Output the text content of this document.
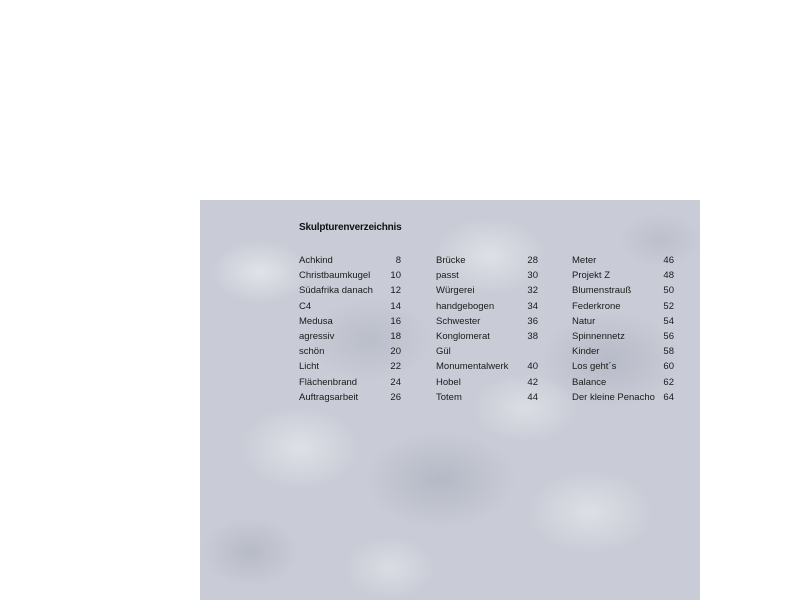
Skulpturenverzeichnis
Achkind	8
Christbaumkugel 10
Südafrika danach 12
C4	14
Medusa	16
agressiv	18
schön	20
Licht	22
Flächenbrand	24
Auftragsarbeit	26
Brücke	28
passt	30
Würgerei	32
handgebogen	34
Schwester	36
Konglomerat	38
Gül
Monumentalwerk 40
Hobel	42
Totem	44
Meter	46
Projekt Z	48
Blumenstrauß	50
Federkrone	52
Natur	54
Spinnennetz	56
Kinder	58
Los geht´s	60
Balance	62
Der kleine Penacho 64
